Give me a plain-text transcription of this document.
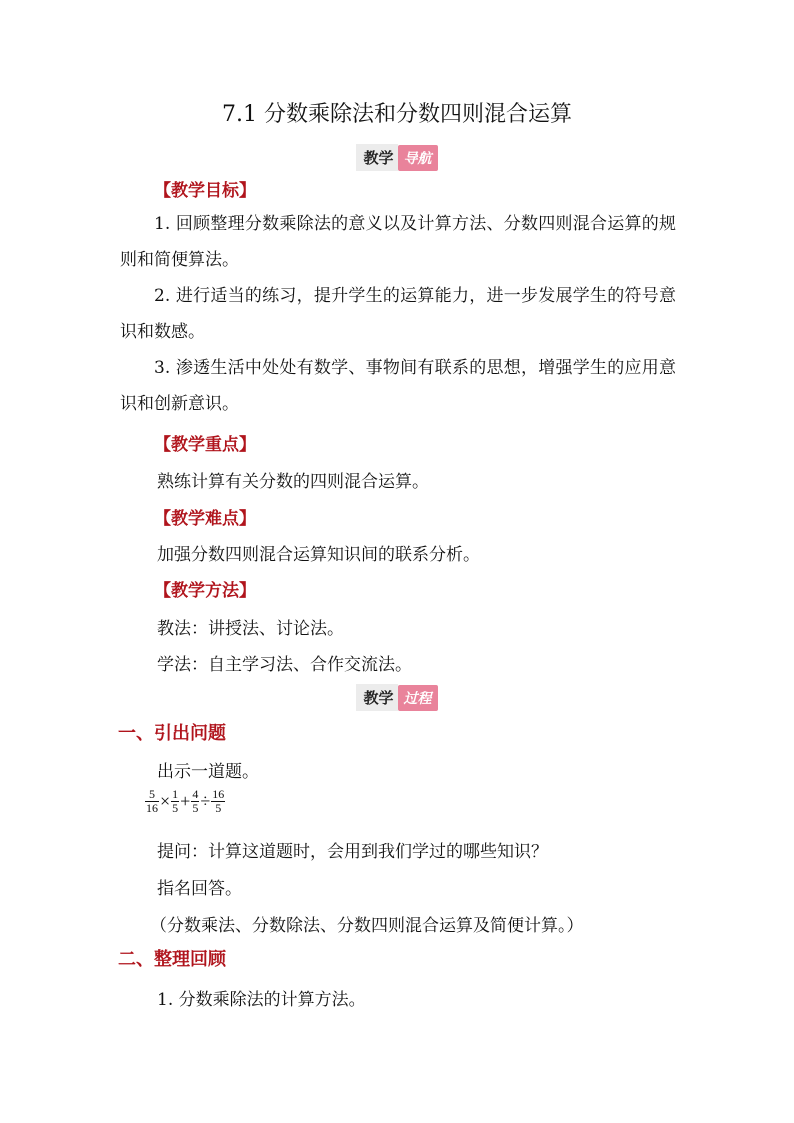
7.1 分数乘除法和分数四则混合运算
教学 导航
【教学目标】
1. 回顾整理分数乘除法的意义以及计算方法、分数四则混合运算的规则和简便算法。
2. 进行适当的练习，提升学生的运算能力，进一步发展学生的符号意识和数感。
3. 渗透生活中处处有数学、事物间有联系的思想，增强学生的应用意识和创新意识。
【教学重点】
熟练计算有关分数的四则混合运算。
【教学难点】
加强分数四则混合运算知识间的联系分析。
【教学方法】
教法：讲授法、讨论法。
学法：自主学习法、合作交流法。
教学 过程
一、引出问题
出示一道题。
$\frac{5}{16} \times \frac{1}{5} + \frac{4}{5} \div \frac{16}{5}$
提问：计算这道题时，会用到我们学过的哪些知识？
指名回答。
（分数乘法、分数除法、分数四则混合运算及简便计算。）
二、整理回顾
1. 分数乘除法的计算方法。
